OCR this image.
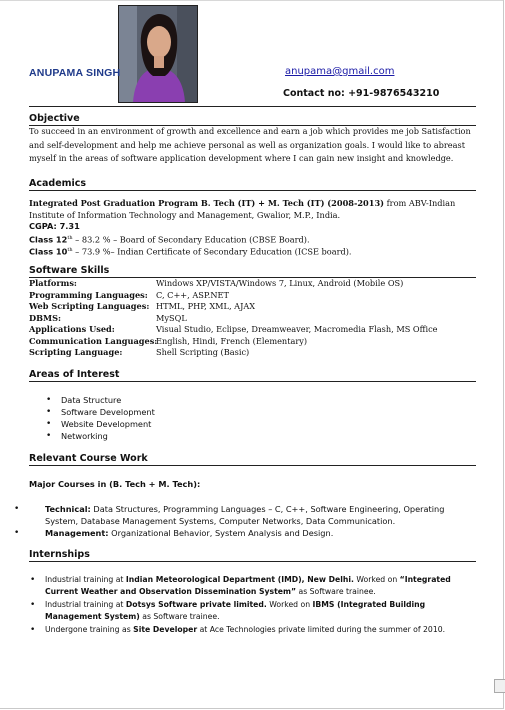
ANUPAMA SINGH	anupama@gmail.com
Contact no: +91-9876543210
Objective
To succeed in an environment of growth and excellence and earn a job which provides me job Satisfaction and self-development and help me achieve personal as well as organization goals. I would like to abreast myself in the areas of software application development where I can gain new insight and knowledge.
Academics
Integrated Post Graduation Program B. Tech (IT) + M. Tech (IT) (2008-2013) from ABV-Indian Institute of Information Technology and Management, Gwalior, M.P., India.
CGPA: 7.31
Class 12th – 83.2 % – Board of Secondary Education (CBSE Board).
Class 10th – 73.9 %– Indian Certificate of Secondary Education (ICSE board).
Software Skills
Platforms:	Windows XP/VISTA/Windows 7, Linux, Android (Mobile OS)
Programming Languages: C, C++, ASP.NET
Web Scripting Languages: HTML, PHP, XML, AJAX
DBMS:	MySQL
Applications Used:	Visual Studio, Eclipse, Dreamweaver, Macromedia Flash, MS Office
Communication Languages:English, Hindi, French (Elementary)
Scripting Language:	Shell Scripting (Basic)
Areas of Interest
• Data Structure
• Software Development
• Website Development
• Networking
Relevant Course Work
Major Courses in (B. Tech + M. Tech):
• Technical: Data Structures, Programming Languages – C, C++, Software Engineering, Operating System, Database Management Systems, Computer Networks, Data Communication.
• Management: Organizational Behavior, System Analysis and Design.
Internships
• Industrial training at Indian Meteorological Department (IMD), New Delhi. Worked on “Integrated Current Weather and Observation Dissemination System” as Software trainee.
• Industrial training at Dotsys Software private limited. Worked on IBMS (Integrated Building Management System) as Software trainee.
• Undergone training as Site Developer at Ace Technologies private limited during the summer of 2010.
